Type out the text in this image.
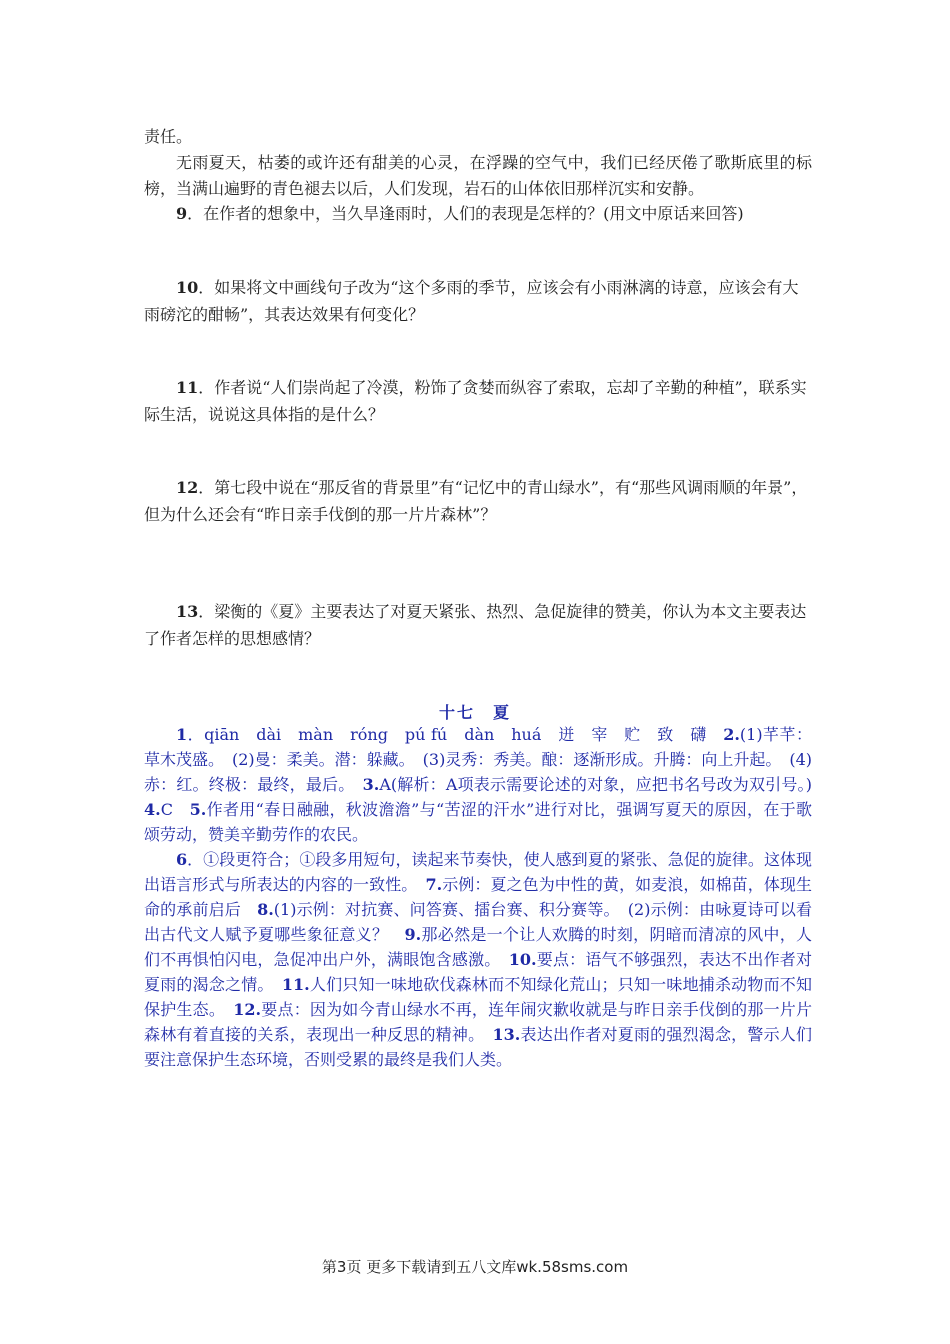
责任。

无雨夏天，枯萎的或许还有甜美的心灵，在浮躁的空气中，我们已经厌倦了歌斯底里的标榜，当满山遍野的青色褪去以后，人们发现，岩石的山体依旧那样沉实和安静。

9．在作者的想象中，当久旱逢雨时，人们的表现是怎样的？(用文中原话来回答)

10．如果将文中画线句子改为“这个多雨的季节，应该会有小雨淋漓的诗意，应该会有大雨磅沱的酣畅”，其表达效果有何变化？

11．作者说“人们崇尚起了冷漠，粉饰了贪婪而纵容了索取，忘却了辛勤的种植”，联系实际生活，说说这具体指的是什么？

12．第七段中说在“那反省的背景里”有“记忆中的青山绿水”，有“那些风调雨顺的年景”，但为什么还会有“昨日亲手伐倒的那一片片森林”？

13．梁衡的《夏》主要表达了对夏天紧张、热烈、急促旋律的赞美，你认为本文主要表达了作者怎样的思想感情？

十七　夏

1．qiān　dài　màn　róng　pú fú　dàn　huá　迸　宰　贮　致　礴　2.(1)芊芊：草木茂盛。　(2)曼：柔美。潜：躲藏。　(3)灵秀：秀美。酿：逐渐形成。升腾：向上升起。　(4)赤：红。终极：最终，最后。　3.A(解析：A项表示需要论述的对象，应把书名号改为双引号。)　4.C　5.作者用“春日融融，秋波澹澹”与“苦涩的汗水”进行对比，强调写夏天的原因，在于歌颂劳动，赞美辛勤劳作的农民。

6．①段更符合；①段多用短句，读起来节奏快，使人感到夏的紧张、急促的旋律。这体现出语言形式与所表达的内容的一致性。　7.示例：夏之色为中性的黄，如麦浪，如棉苗，体现生命的承前启后　8.(1)示例：对抗赛、问答赛、擂台赛、积分赛等。　(2)示例：由咏夏诗可以看出古代文人赋予夏哪些象征意义？　9.那必然是一个让人欢腾的时刻，阴暗而清凉的风中，人们不再惧怕闪电，急促冲出户外，满眼饱含感激。　10.要点：语气不够强烈，表达不出作者对夏雨的渴念之情。　11.人们只知一味地砍伐森林而不知绿化荒山；只知一味地捕杀动物而不知保护生态。　12.要点：因为如今青山绿水不再，连年闹灾歉收就是与昨日亲手伐倒的那一片片森林有着直接的关系，表现出一种反思的精神。　13.表达出作者对夏雨的强烈渴念，警示人们要注意保护生态环境，否则受累的最终是我们人类。

第3页 更多下载请到五八文库wk.58sms.com
